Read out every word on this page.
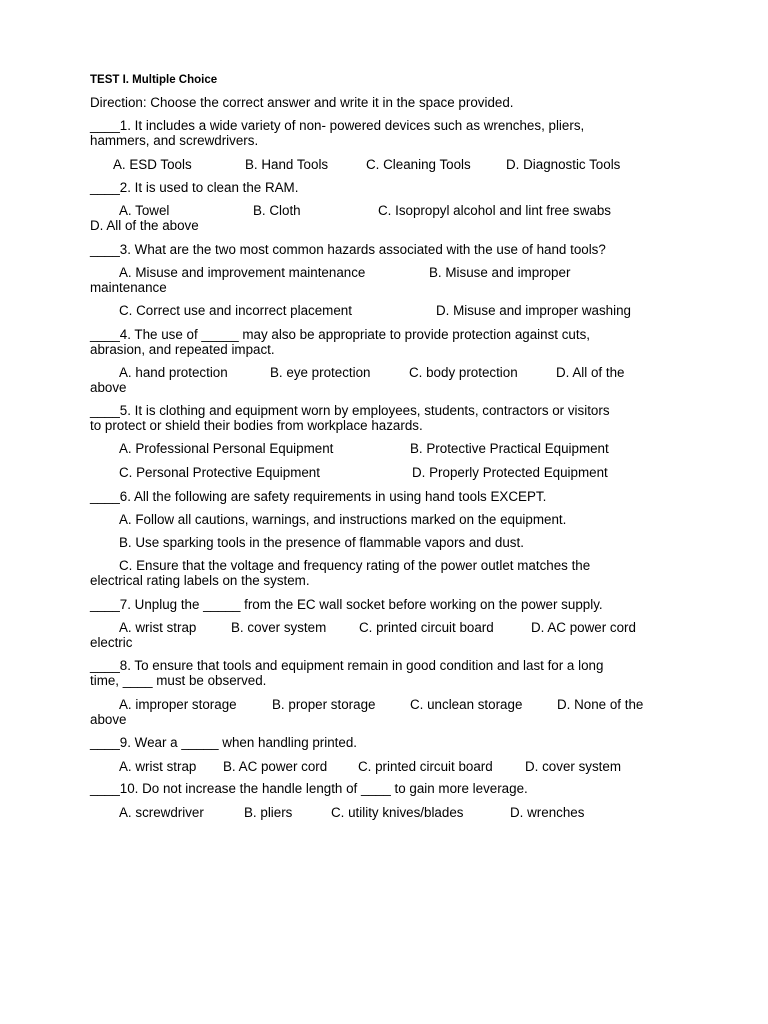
TEST I. Multiple Choice
Direction: Choose the correct answer and write it in the space provided.
____1. It includes a wide variety of non- powered devices such as wrenches, pliers,
hammers, and screwdrivers.
A. ESD Tools	B. Hand Tools	C. Cleaning Tools	D. Diagnostic Tools
____2. It is used to clean the RAM.
A. Towel	B. Cloth	C. Isopropyl alcohol and lint free swabs
D. All of the above
____3. What are the two most common hazards associated with the use of hand tools?
A. Misuse and improvement maintenance	B. Misuse and improper
maintenance
C. Correct use and incorrect placement	D. Misuse and improper washing
____4. The use of _____ may also be appropriate to provide protection against cuts,
abrasion, and repeated impact.
A. hand protection	B. eye protection	C. body protection	D. All of the
above
____5. It is clothing and equipment worn by employees, students, contractors or visitors
to protect or shield their bodies from workplace hazards.
A. Professional Personal Equipment	B. Protective Practical Equipment
C. Personal Protective Equipment	D. Properly Protected Equipment
____6. All the following are safety requirements in using hand tools EXCEPT.
A. Follow all cautions, warnings, and instructions marked on the equipment.
B. Use sparking tools in the presence of flammable vapors and dust.
C. Ensure that the voltage and frequency rating of the power outlet matches the
electrical rating labels on the system.
____7. Unplug the _____ from the EC wall socket before working on the power supply.
A. wrist strap	B. cover system C. printed circuit board	D. AC power cord
electric
____8. To ensure that tools and equipment remain in good condition and last for a long
time, ____ must be observed.
A. improper storage	B. proper storage	C. unclean storage	D. None of the
above
____9. Wear a _____ when handling printed.
A. wrist strap B. AC power cord C. printed circuit board D. cover system
____10. Do not increase the handle length of ____ to gain more leverage.
A. screwdriver	B. pliers	C. utility knives/blades	D. wrenches
